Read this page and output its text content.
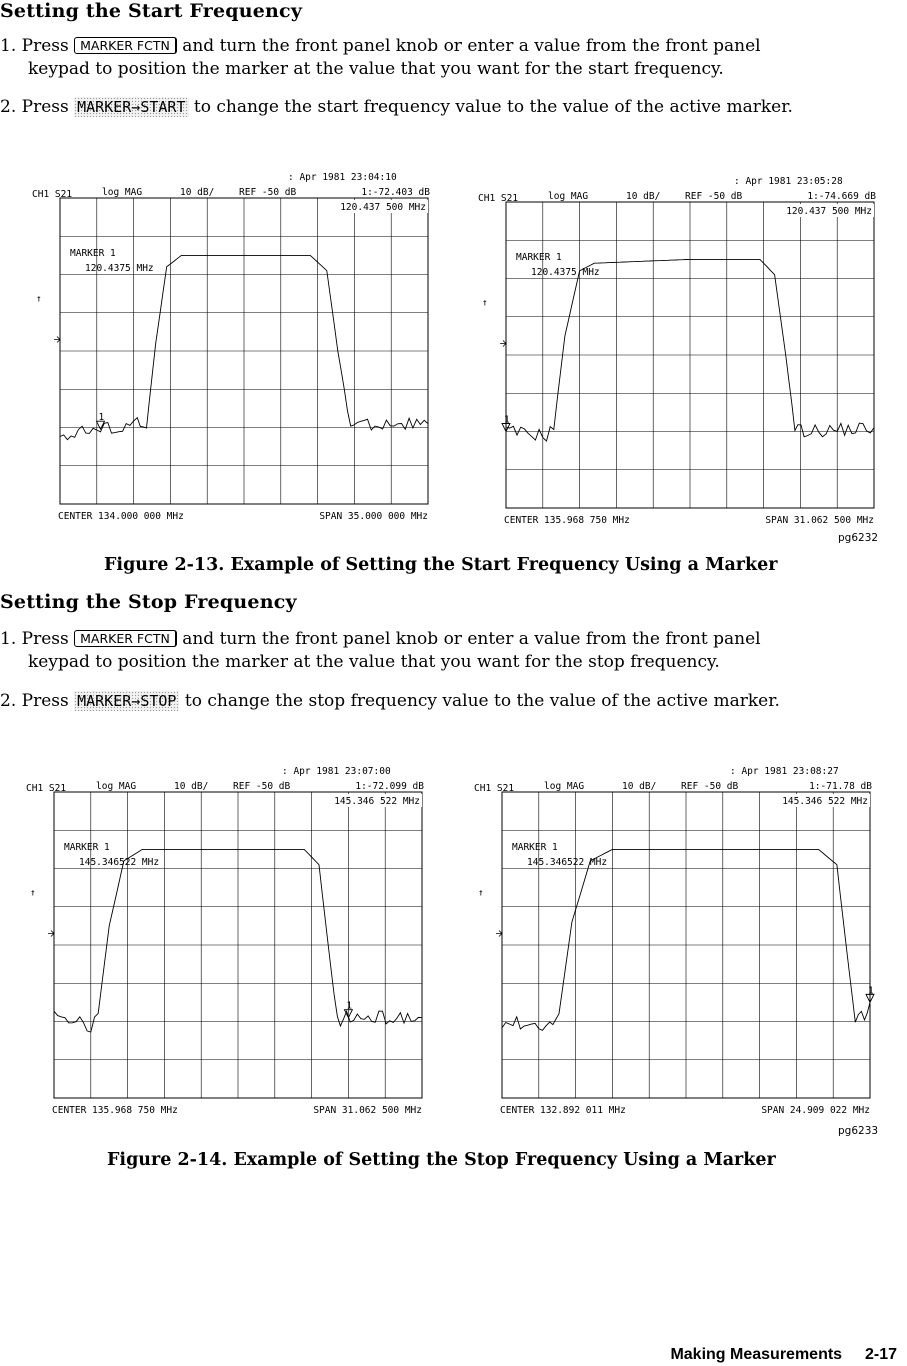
Setting the Start Frequency
1. Press MARKER FCTN and turn the front panel knob or enter a value from the front panel
keypad to position the marker at the value that you want for the start frequency.
2. Press MARKER→START to change the start frequency value to the value of the active marker.
: Apr 1981 23:04:10
CH1 S21	log MAG	10 dB/	REF -50 dB	1:-72.403 dB
↑
120.437 500 MHz
MARKER 1
120.4375 MHz
1
CENTER 134.000 000 MHz	SPAN 35.000 000 MHz
: Apr 1981 23:05:28
CH1 S21	log MAG	10 dB/	REF -50 dB	1:-74.669 dB
↑
120.437 500 MHz
MARKER 1
120.4375 MHz
1
CENTER 135.968 750 MHz	SPAN 31.062 500 MHz
pg6232
Figure 2-13. Example of Setting the Start Frequency Using a Marker
Setting the Stop Frequency
1. Press MARKER FCTN and turn the front panel knob or enter a value from the front panel
keypad to position the marker at the value that you want for the stop frequency.
2. Press MARKER→STOP to change the stop frequency value to the value of the active marker.
: Apr 1981 23:07:00
CH1 S21	log MAG	10 dB/	REF -50 dB	1:-72.099 dB
↑
145.346 522 MHz
MARKER 1
145.346522 MHz
1
CENTER 135.968 750 MHz	SPAN 31.062 500 MHz
: Apr 1981 23:08:27
CH1 S21	log MAG	10 dB/	REF -50 dB	1:-71.78 dB
↑
145.346 522 MHz
MARKER 1
145.346522 MHz
1
CENTER 132.892 011 MHz	SPAN 24.909 022 MHz
pg6233
Figure 2-14. Example of Setting the Stop Frequency Using a Marker
Making Measurements 2-17
